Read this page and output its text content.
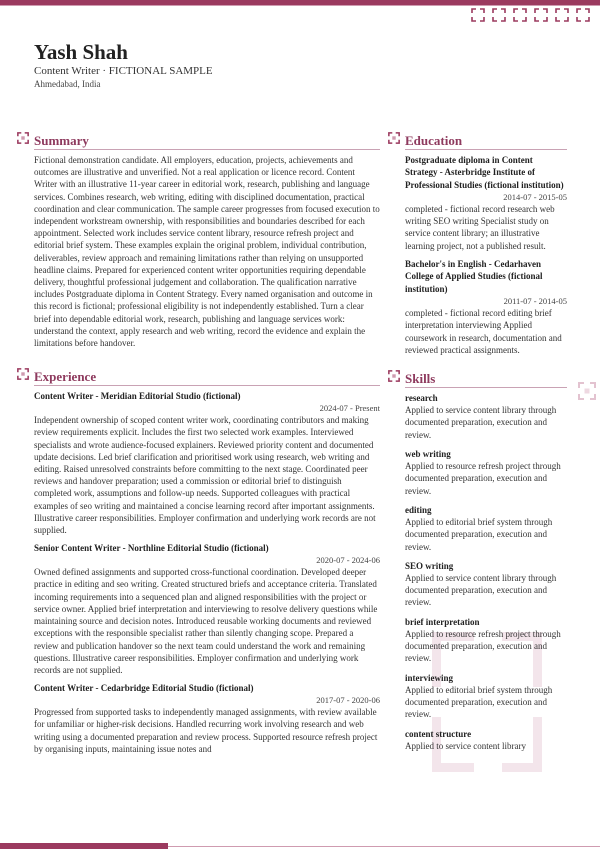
Yash Shah
Content Writer · FICTIONAL SAMPLE
Ahmedabad, India
Summary

Fictional demonstration candidate. All employers, education, projects, achievements and outcomes are illustrative and unverified. Not a real application or licence record. Content Writer with an illustrative 11-year career in editorial work, research, publishing and language services. Combines research, web writing, editing with disciplined documentation, practical coordination and clear communication. The sample career progresses from focused execution to independent workstream ownership, with responsibilities and boundaries described for each appointment. Selected work includes service content library, resource refresh project and editorial brief system. These examples explain the original problem, individual contribution, deliverables, review approach and remaining limitations rather than relying on unsupported headline claims. Prepared for experienced content writer opportunities requiring dependable delivery, thoughtful professional judgement and collaboration. The qualification narrative includes Postgraduate diploma in Content Strategy. Every named organisation and outcome in this record is fictional; professional eligibility is not independently established. Turn a clear brief into dependable editorial work, research, publishing and language services work: understand the context, apply research and web writing, record the evidence and explain the limitations before handover.

Experience
Content Writer - Meridian Editorial Studio (fictional)
2024-07 - Present

Independent ownership of scoped content writer work, coordinating contributors and making review requirements explicit. Includes the first two selected work examples. Interviewed specialists and wrote audience-focused explainers. Reviewed priority content and documented update decisions. Led brief clarification and prioritised work using research, web writing and editing. Raised unresolved constraints before committing to the next stage. Coordinated peer reviews and handover preparation; used a commission or editorial brief to distinguish completed work, assumptions and follow-up needs. Supported colleagues with practical examples of seo writing and maintained a concise learning record after important assignments. Illustrative career responsibilities. Employer confirmation and underlying work records are not supplied.

Senior Content Writer - Northline Editorial Studio (fictional)
2020-07 - 2024-06

Owned defined assignments and supported cross-functional coordination. Developed deeper practice in editing and seo writing. Created structured briefs and acceptance criteria. Translated incoming requirements into a sequenced plan and aligned responsibilities with the project or service owner. Applied brief interpretation and interviewing to resolve delivery questions while maintaining source and decision notes. Introduced reusable working documents and reviewed exceptions with the responsible specialist rather than silently changing scope. Prepared a review and publication handover so the next team could understand the work and remaining questions. Illustrative career responsibilities. Employer confirmation and underlying work records are not supplied.

Content Writer - Cedarbridge Editorial Studio (fictional)
2017-07 - 2020-06

Progressed from supported tasks to independently managed assignments, with review available for unfamiliar or higher-risk decisions. Handled recurring work involving research and web writing using a documented preparation and review process. Supported resource refresh project by organising inputs, maintaining issue notes and

Education
Postgraduate diploma in Content Strategy - Asterbridge Institute of Professional Studies (fictional institution)
2014-07 - 2015-05
completed - fictional record research web writing SEO writing Specialist study on service content library; an illustrative learning project, not a published result.
Bachelor's in English - Cedarhaven College of Applied Studies (fictional institution)
2011-07 - 2014-05
completed - fictional record editing brief interpretation interviewing Applied coursework in research, documentation and reviewed practical assignments.
Skills
research
Applied to service content library through documented preparation, execution and review.
web writing
Applied to resource refresh project through documented preparation, execution and review.
editing
Applied to editorial brief system through documented preparation, execution and review.
SEO writing
Applied to service content library through documented preparation, execution and review.
brief interpretation
Applied to resource refresh project through documented preparation, execution and review.
interviewing
Applied to editorial brief system through documented preparation, execution and review.
content structure
Applied to service content library
